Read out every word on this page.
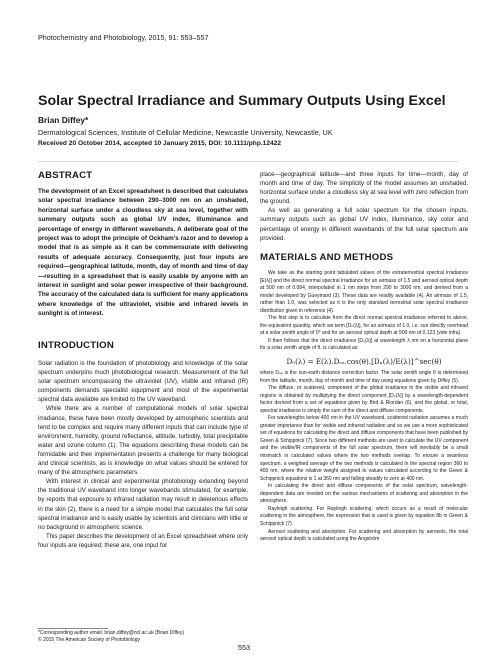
Photochemistry and Photobiology, 2015, 91: 553–557
Solar Spectral Irradiance and Summary Outputs Using Excel
Brian Diffey*
Dermatological Sciences, Institute of Cellular Medicine, Newcastle University, Newcastle, UK
Received 20 October 2014, accepted 10 January 2015, DOI: 10.1111/php.12422
ABSTRACT

The development of an Excel spreadsheet is described that calculates solar spectral irradiance between 290–3000 nm on an unshaded, horizontal surface under a cloudless sky at sea level, together with summary outputs such as global UV index, illuminance and percentage of energy in different wavebands. A deliberate goal of the project was to adopt the principle of Ockham’s razor and to develop a model that is as simple as it can be commensurate with delivering results of adequate accuracy. Consequently, just four inputs are required—geographical latitude, month, day of month and time of day—resulting in a spreadsheet that is easily usable by anyone with an interest in sunlight and solar power irrespective of their background. The accuracy of the calculated data is sufficient for many applications where knowledge of the ultraviolet, visible and infrared levels in sunlight is of interest.

INTRODUCTION

Solar radiation is the foundation of photobiology and knowledge of the solar spectrum underpins much photobiological research. Measurement of the full solar spectrum encompassing the ultraviolet (UV), visible and infrared (IR) components demands specialist equipment and most of the experimental spectral data available are limited to the UV waveband.

While there are a number of computational models of solar spectral irradiance, these have been mostly developed by atmospheric scientists and tend to be complex and require many different inputs that can include type of environment, humidity, ground reflectance, altitude, turbidity, total precipitable water and ozone column (1). The equations describing these models can be formidable and their implementation presents a challenge for many biological and clinical scientists, as is knowledge on what values should be entered for many of the atmospheric parameters.

With interest in clinical and experimental photobiology extending beyond the traditional UV waveband into longer wavebands stimulated, for example, by reports that exposure to infrared radiation may result in deleterious effects in the skin (2), there is a need for a simple model that calculates the full solar spectral irradiance and is easily usable by scientists and clinicians with little or no background in atmospheric science.

This paper describes the development of an Excel spreadsheet where only four inputs are required; these are, one input for

place—geographical latitude—and three inputs for time—month, day of month and time of day. The simplicity of the model assumes an unshaded, horizontal surface under a cloudless sky at sea level with zero reflection from the ground.

As well as generating a full solar spectrum for the chosen inputs, summary outputs such as global UV index, illuminance, sky color and percentage of energy in different wavebands of the full solar spectrum are provided.

MATERIALS AND METHODS

We take as the starting point tabulated values of the extraterrestrial spectral irradiance [E(λ)] and the direct normal spectral irradiance for an airmass of 1.5 and aerosol optical depth at 500 nm of 0.084, interpolated in 1 nm steps from 290 to 3000 nm, and derived from a model developed by Gueymard (3). These data are readily available (4). An airmass of 1.5, rather than 1.0, was selected as it is the only standard terrestrial solar spectral irradiance distribution given in reference (4).

The first step is to calculate from the direct normal spectral irradiance referred to above, the equivalent quantity, which we term [Dₙ(λ)], for an airmass of 1.0, i.e. sun directly overhead at a solar zenith angle of 0° and for an aerosol optical depth at 500 nm of 0.123 (vide infra).

It then follows that the direct irradiance [D₀(λ)] at wavelength λ nm on a horizontal plane for a solar zenith angle of θ, is calculated as:

D₀(λ) = E(λ).Dₛₑ.cos(θ).[Dₙ(λ)/E(λ)]^sec(θ)

where Dₛₑ is the sun-earth distance correction factor. The solar zenith angle θ is determined from the latitude, month, day of month and time of day using equations given by Diffey (5).

The diffuse, or scattered, component of the global irradiance in the visible and infrared regions is obtained by multiplying the direct component [D₀(λ)] by a wavelength-dependent factor derived from a set of equations given by Bird & Riordan (6), and the global, or total, spectral irradiance is simply the sum of the direct and diffuse components.

For wavelengths below 400 nm in the UV waveband, scattered radiation assumes a much greater importance than for visible and infrared radiation and so we use a more sophisticated set of equations for calculating the direct and diffuse components that have been published by Green & Schippnick (7). Since two different methods are used to calculate the UV component and the visible/IR components of the full solar spectrum, there will inevitably be a small mismatch in calculated values where the two methods overlap. To ensure a seamless spectrum, a weighted average of the two methods is calculated in the spectral region 360 to 400 nm, where the relative weight assigned to values calculated according to the Green & Schippnick equations is 1 at 360 nm and falling steadily to zero at 400 nm.

In calculating the direct and diffuse components of the solar spectrum, wavelength-dependent data are needed on the various mechanisms of scattering and absorption in the atmosphere.

Rayleigh scattering. For Rayleigh scattering, which occurs as a result of molecular scattering in the atmosphere, the expression that is used is given by equation 8b in Green & Schippnick (7).

Aerosol scattering and absorption. For scattering and absorption by aerosols, the total aerosol optical depth is calculated using the Angström

*Corresponding author email: brian.diffey@ncl.ac.uk (Brian Diffey)
© 2015 The American Society of Photobiology
553
